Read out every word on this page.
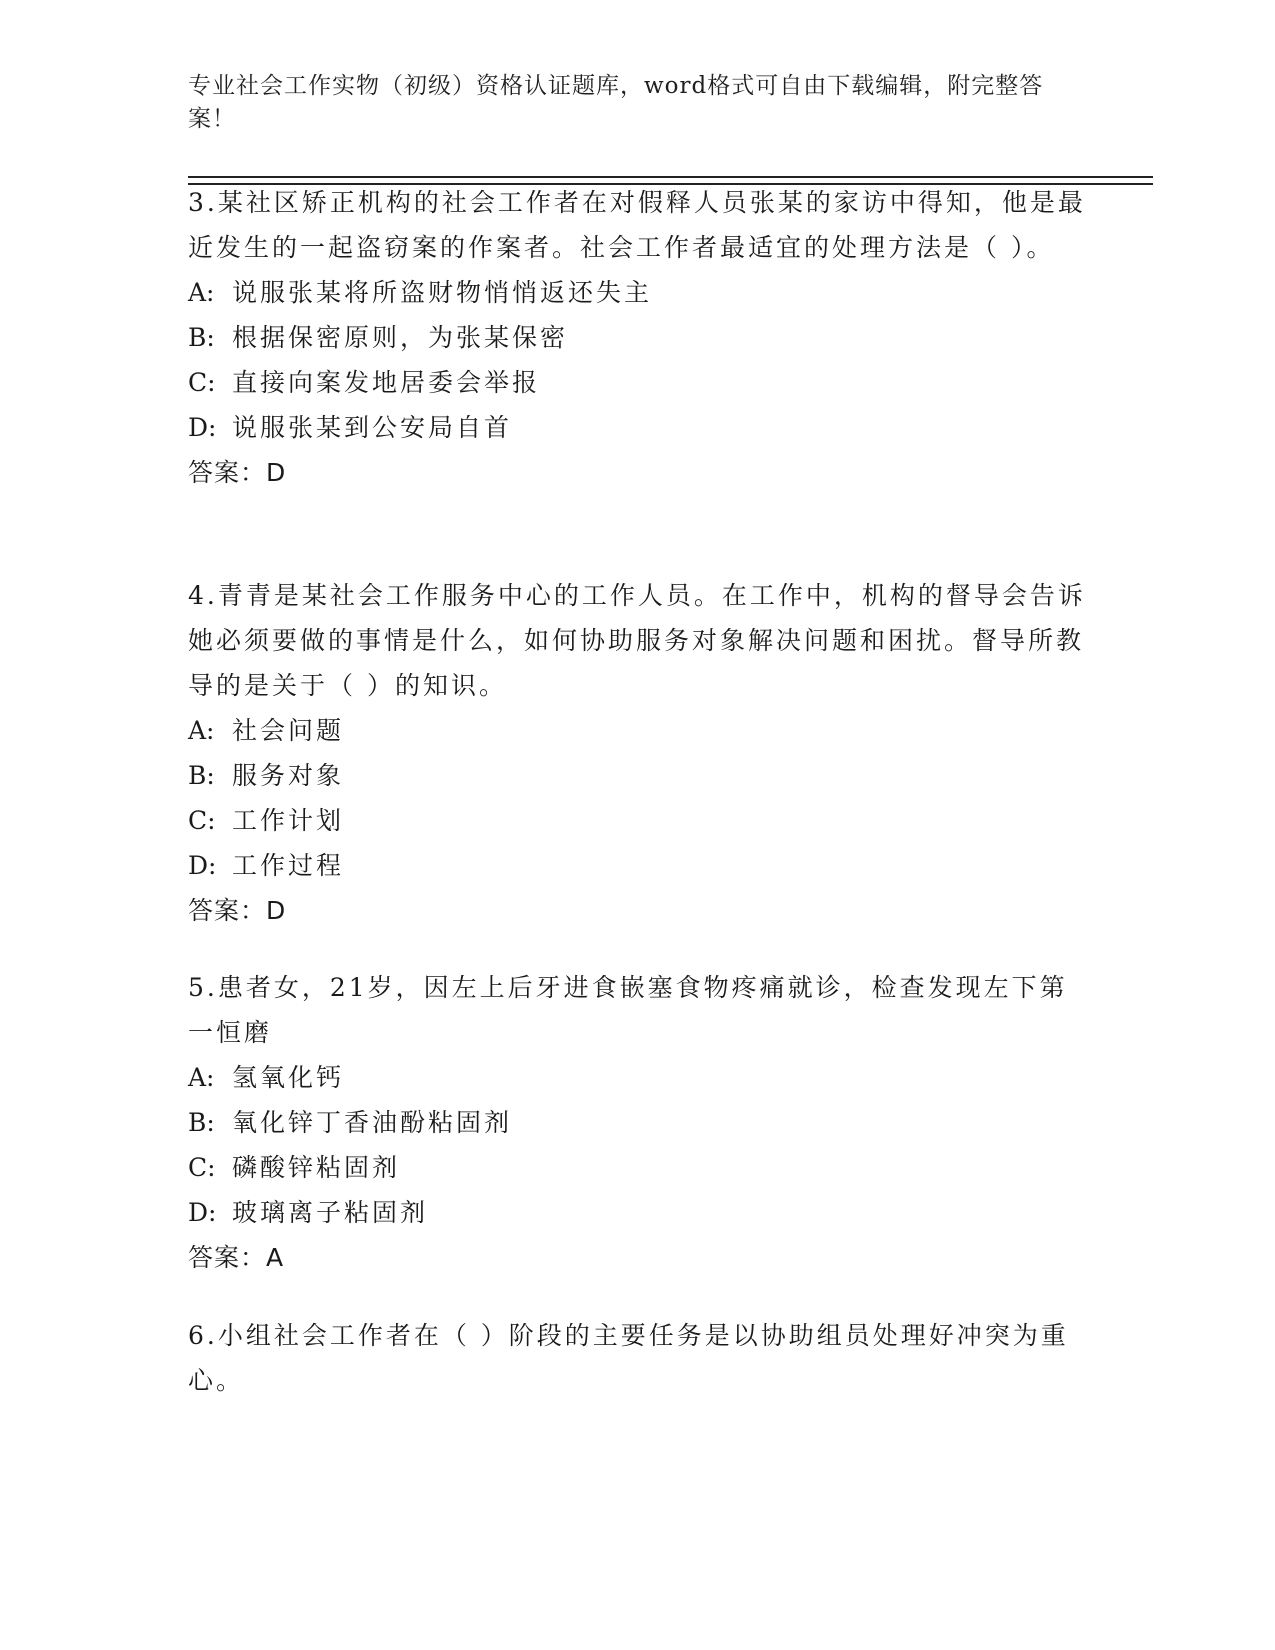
专业社会工作实物（初级）资格认证题库，word格式可自由下载编辑，附完整答案！

3.某社区矫正机构的社会工作者在对假释人员张某的家访中得知，他是最近发生的一起盗窃案的作案者。社会工作者最适宜的处理方法是（ ）。

A: 说服张某将所盗财物悄悄返还失主

B: 根据保密原则，为张某保密

C: 直接向案发地居委会举报

D: 说服张某到公安局自首

答案：D

4.青青是某社会工作服务中心的工作人员。在工作中，机构的督导会告诉她必须要做的事情是什么，如何协助服务对象解决问题和困扰。督导所教导的是关于（ ）的知识。

A: 社会问题

B: 服务对象

C: 工作计划

D: 工作过程

答案：D

5.患者女，21岁，因左上后牙进食嵌塞食物疼痛就诊，检查发现左下第一恒磨

A: 氢氧化钙

B: 氧化锌丁香油酚粘固剂

C: 磷酸锌粘固剂

D: 玻璃离子粘固剂

答案：A

6.小组社会工作者在（ ）阶段的主要任务是以协助组员处理好冲突为重心。
